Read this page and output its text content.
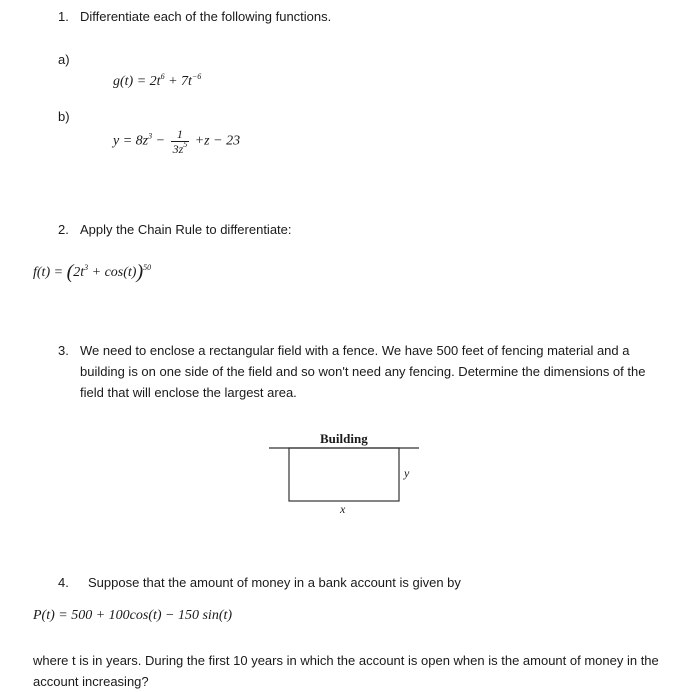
1. Differentiate each of the following functions.
a)
$g(t) = 2t^6 + 7t^{-6}$
b)
$y = 8z^3 - \frac{1}{3z^5} +z - 23$
2. Apply the Chain Rule to differentiate:
$f(t) = (2t^3 + \cos(t))^{50}$
3. We need to enclose a rectangular field with a fence. We have 500 feet of fencing material and a building is on one side of the field and so won't need any fencing. Determine the dimensions of the field that will enclose the largest area.
Building
y
x
4. Suppose that the amount of money in a bank account is given by
P(t) = 500 + 100cos(t) − 150 sin(t)
where t is in years. During the first 10 years in which the account is open when is the amount of money in the account increasing?
